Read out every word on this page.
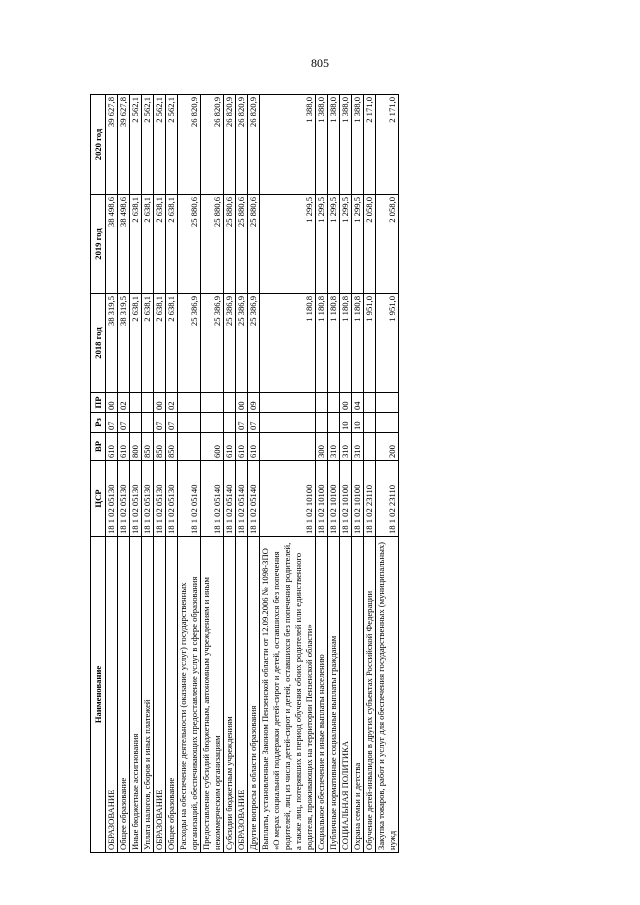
805
Наименование	ЦСР	ВР	Рз	ПР	2018 год	2019 год	2020 год
ОБРАЗОВАНИЕ	18 1 02 05130	610	07	00	38 319,5	38 498,6	39 627,8
Общее образование	18 1 02 05130	610	07	02	38 319,5	38 498,6	39 627,8
Иные бюджетные ассигнования	18 1 02 05130	800			2 638,1	2 638,1	2 562,1
Уплата налогов, сборов и иных платежей	18 1 02 05130	850			2 638,1	2 638,1	2 562,1
ОБРАЗОВАНИЕ	18 1 02 05130	850	07	00	2 638,1	2 638,1	2 562,1
Общее образование	18 1 02 05130	850	07	02	2 638,1	2 638,1	2 562,1
Расходы на обеспечение деятельности (оказание услуг) государственных организаций, обеспечивающих предоставление услуг в сфере образования	18 1 02 05140				25 386,9	25 880,6	26 820,9
Предоставление субсидий бюджетным, автономным учреждениям и иным некоммерческим организациям	18 1 02 05140	600			25 386,9	25 880,6	26 820,9
Субсидии бюджетным учреждениям	18 1 02 05140	610			25 386,9	25 880,6	26 820,9
ОБРАЗОВАНИЕ	18 1 02 05140	610	07	00	25 386,9	25 880,6	26 820,9
Другие вопросы в области образования	18 1 02 05140	610	07	09	25 386,9	25 880,6	26 820,9
Выплаты, установленные Законом Пензенской области от 12.09.2006 № 1098-ЗПО «О мерах социальной поддержки детей-сирот и детей, оставшихся без попечения родителей, лиц из числа детей-сирот и детей, оставшихся без попечения родителей, а также лиц, потерявших в период обучения обоих родителей или единственного родителя, проживающих на территории Пензенской области»	18 1 02 10100				1 180,8	1 299,5	1 388,0
Социальное обеспечение и иные выплаты населению	18 1 02 10100	300			1 180,8	1 299,5	1 388,0
Публичные нормативные социальные выплаты гражданам	18 1 02 10100	310			1 180,8	1 299,5	1 388,0
СОЦИАЛЬНАЯ ПОЛИТИКА	18 1 02 10100	310	10	00	1 180,8	1 299,5	1 388,0
Охрана семьи и детства	18 1 02 10100	310	10	04	1 180,8	1 299,5	1 388,0
Обучение детей-инвалидов в других субъектах Российской Федерации	18 1 02 23110				1 951,0	2 058,0	2 171,0
Закупка товаров, работ и услуг для обеспечения государственных (муниципальных) нужд	18 1 02 23110	200			1 951,0	2 058,0	2 171,0
